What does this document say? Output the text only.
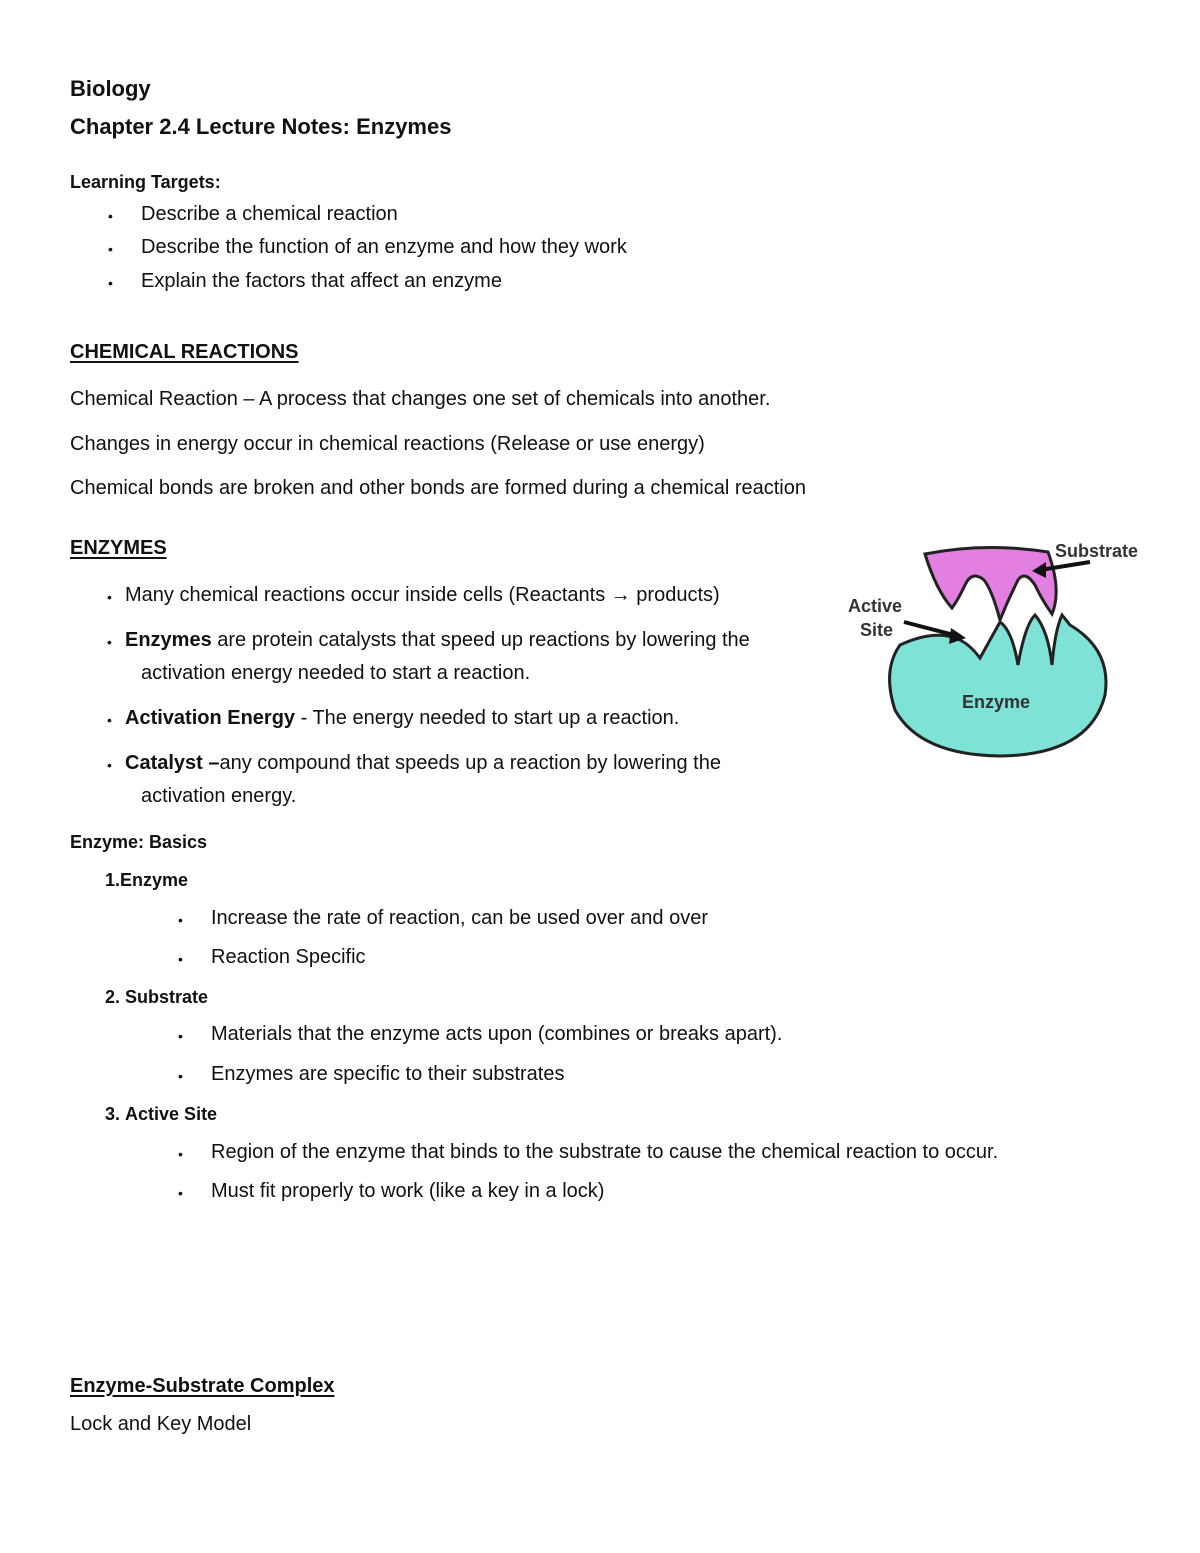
Biology
Chapter 2.4 Lecture Notes: Enzymes
Learning Targets:
• Describe a chemical reaction
• Describe the function of an enzyme and how they work
• Explain the factors that affect an enzyme
CHEMICAL REACTIONS
Chemical Reaction – A process that changes one set of chemicals into another.
Changes in energy occur in chemical reactions (Release or use energy)
Chemical bonds are broken and other bonds are formed during a chemical reaction
ENZYMES
• Many chemical reactions occur inside cells (Reactants → products)
• Enzymes are protein catalysts that speed up reactions by lowering the
activation energy needed to start a reaction.
• Activation Energy - The energy needed to start up a reaction.
• Catalyst –any compound that speeds up a reaction by lowering the
activation energy.
Substrate
Active
Site
Enzyme
Enzyme: Basics
1.Enzyme
• Increase the rate of reaction, can be used over and over
• Reaction Specific
2. Substrate
• Materials that the enzyme acts upon (combines or breaks apart).
• Enzymes are specific to their substrates
3. Active Site
• Region of the enzyme that binds to the substrate to cause the chemical reaction to occur.
• Must fit properly to work (like a key in a lock)
Enzyme-Substrate Complex
Lock and Key Model
